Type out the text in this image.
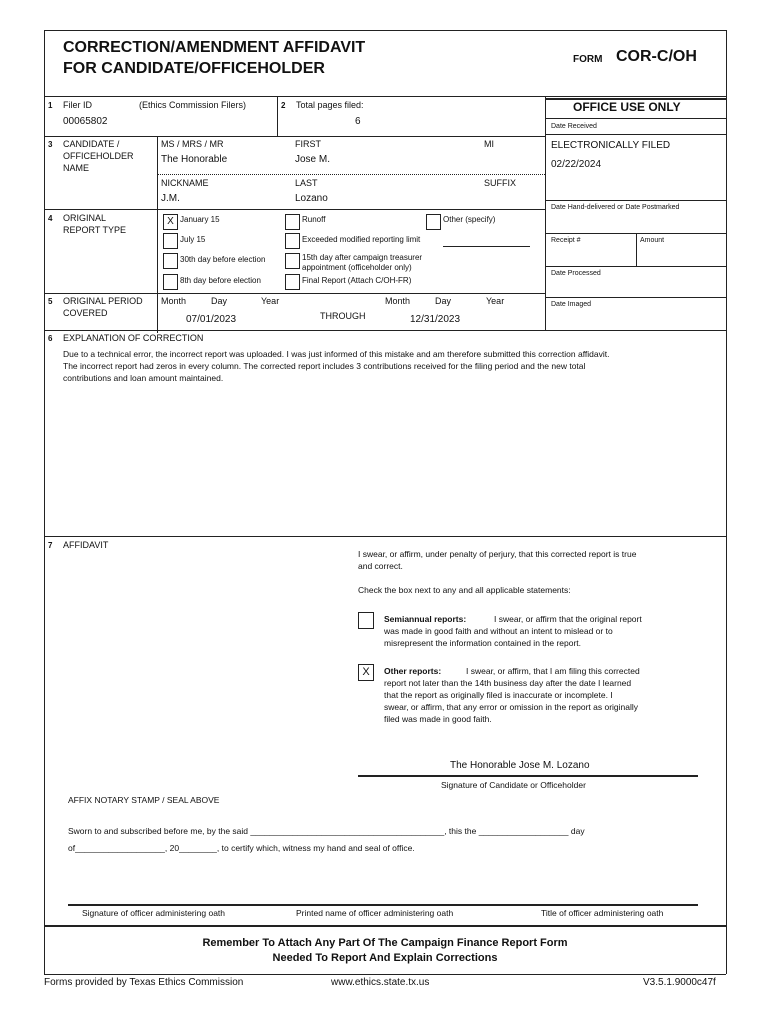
CORRECTION/AMENDMENT AFFIDAVIT
FOR CANDIDATE/OFFICEHOLDER
FORM COR-C/OH
OFFICE USE ONLY
Date Received
ELECTRONICALLY FILED
02/22/2024
Date Hand-delivered or Date Postmarked
Receipt #	Amount
Date Processed
Date Imaged
1 Filer ID	(Ethics Commission Filers)
00065802
2 Total pages filed:
6
3 CANDIDATE /
OFFICEHOLDER
NAME
MS / MRS / MR
The Honorable
FIRST
Jose M.
MI
NICKNAME
J.M.
LAST
Lozano
SUFFIX
4 ORIGINAL
REPORT TYPE
X January 15	Runoff	Other (specify)
July 15	Exceeded modified reporting limit
30th day before election	15th day after campaign treasurer
appointment (officeholder only)
8th day before election	Final Report (Attach C/OH-FR)
5 ORIGINAL PERIOD
COVERED
Month	Day	Year
07/01/2023	THROUGH
Month	Day	Year
12/31/2023
6 EXPLANATION OF CORRECTION
Due to a technical error, the incorrect report was uploaded. I was just informed of this mistake and am therefore submitted this correction affidavit.
The incorrect report had zeros in every column. The corrected report includes 3 contributions received for the filing period and the new total
contributions and loan amount maintained.
7 AFFIDAVIT
I swear, or affirm, under penalty of perjury, that this corrected report is true
and correct.
Check the box next to any and all applicable statements:
Semiannual reports:	I swear, or affirm that the original report
was made in good faith and without an intent to mislead or to
misrepresent the information contained in the report.
X	Other reports:	I swear, or affirm, that I am filing this corrected
report not later than the 14th business day after the date I learned
that the report as originally filed is inaccurate or incomplete. I
swear, or affirm, that any error or omission in the report as originally
filed was made in good faith.
The Honorable Jose M. Lozano
Signature of Candidate or Officeholder
AFFIX NOTARY STAMP / SEAL ABOVE
Sworn to and subscribed before me, by the said _________________________________________, this the ___________________ day
of___________________, 20________, to certify which, witness my hand and seal of office.
Signature of officer administering oath	Printed name of officer administering oath	Title of officer administering oath
Remember To Attach Any Part Of The Campaign Finance Report Form
Needed To Report And Explain Corrections
Forms provided by Texas Ethics Commission	www.ethics.state.tx.us	V3.5.1.9000c47f
